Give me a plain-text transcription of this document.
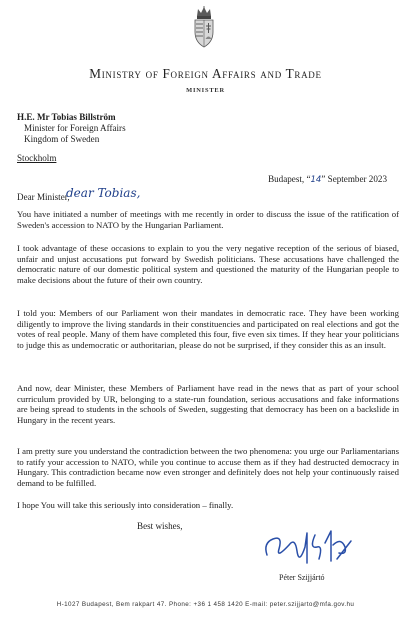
Ministry of Foreign Affairs and Trade
MINISTER
H.E. Mr Tobias Billström
Minister for Foreign Affairs
Kingdom of Sweden
Stockholm
Budapest, “14” September 2023
Dear Minister,
dear Tobias,

You have initiated a number of meetings with me recently in order to discuss the issue of the ratification of Sweden's accession to NATO by the Hungarian Parliament.

I took advantage of these occasions to explain to you the very negative reception of the serious of biased, unfair and unjust accusations put forward by Swedish politicians. These accusations have challenged the democratic nature of our domestic political system and questioned the maturity of the Hungarian people to make decisions about the future of their own country.

I told you: Members of our Parliament won their mandates in democratic race. They have been working diligently to improve the living standards in their constituencies and participated on real elections and got the votes of real people. Many of them have completed this four, five even six times. If they hear your politicians to judge this as undemocratic or authoritarian, please do not be surprised, if they consider this as an insult.

And now, dear Minister, these Members of Parliament have read in the news that as part of your school curriculum provided by UR, belonging to a state-run foundation, serious accusations and fake informations are being spread to students in the schools of Sweden, suggesting that democracy has been on a backslide in Hungary in the recent years.

I am pretty sure you understand the contradiction between the two phenomena: you urge our Parliamentarians to ratify your accession to NATO, while you continue to accuse them as if they had destructed democracy in Hungary. This contradiction became now even stronger and definitely does not help your continuously raised demand to be fulfilled.

I hope You will take this seriously into consideration – finally.

Best wishes,
Péter Szijjártó
H-1027 Budapest, Bem rakpart 47. Phone: +36 1 458 1420 E-mail: peter.szijjarto@mfa.gov.hu
